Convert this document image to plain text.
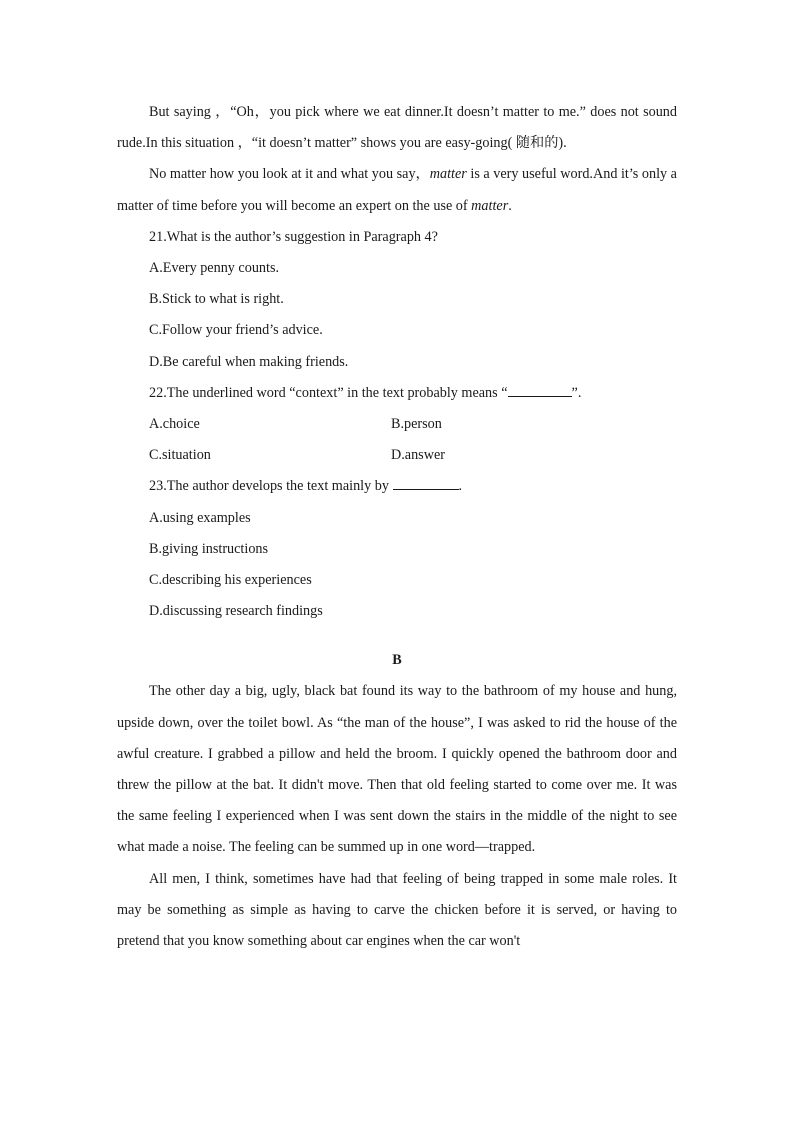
But saying ，“Oh，you pick where we eat dinner.It doesn’t matter to me.” does not sound rude.In this situation ，“it doesn’t matter” shows you are easy-going( 随和的).

No matter how you look at it and what you say，matter is a very useful word.And it’s only a matter of time before you will become an expert on the use of matter.

21.What is the author’s suggestion in Paragraph 4?

A.Every penny counts.

B.Stick to what is right.

C.Follow your friend’s advice.

D.Be careful when making friends.

22.The underlined word “context” in the text probably means “	”.

A.choice	B.person
C.situation	D.answer

23.The author develops the text mainly by	.

A.using examples

B.giving instructions

C.describing his experiences

D.discussing research findings

B

The other day a big, ugly, black bat found its way to the bathroom of my house and hung, upside down, over the toilet bowl. As “the man of the house”, I was asked to rid the house of the awful creature. I grabbed a pillow and held the broom. I quickly opened the bathroom door and threw the pillow at the bat. It didn't move. Then that old feeling started to come over me. It was the same feeling I experienced when I was sent down the stairs in the middle of the night to see what made a noise. The feeling can be summed up in one word—trapped.

All men, I think, sometimes have had that feeling of being trapped in some male roles. It may be something as simple as having to carve the chicken before it is served, or having to pretend that you know something about car engines when the car won't
